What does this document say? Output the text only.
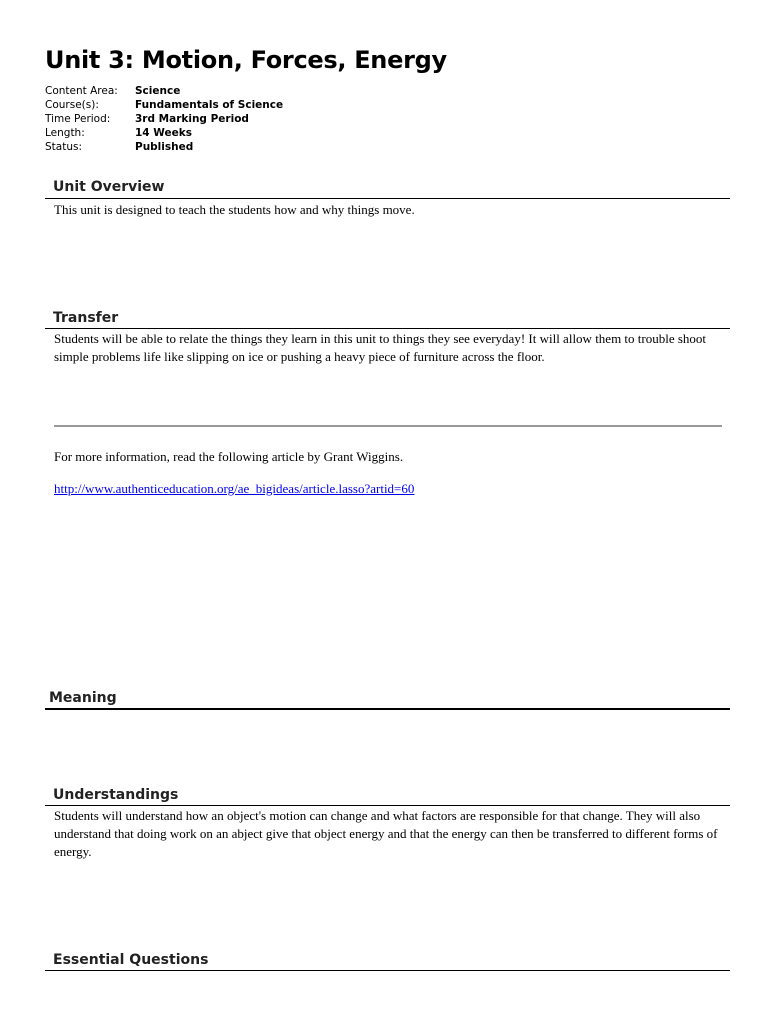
Unit 3: Motion, Forces, Energy
Content Area:	Science
Course(s):	Fundamentals of Science
Time Period:	3rd Marking Period
Length:	14 Weeks
Status:	Published
Unit Overview

This unit is designed to teach the students how and why things move.

Transfer

Students will be able to relate the things they learn in this unit to things they see everyday! It will allow them to trouble shoot simple problems life like slipping on ice or pushing a heavy piece of furniture across the floor.

For more information, read the following article by Grant Wiggins.

http://www.authenticeducation.org/ae_bigideas/article.lasso?artid=60
Meaning
Understandings

Students will understand how an object's motion can change and what factors are responsible for that change. They will also understand that doing work on an abject give that object energy and that the energy can then be transferred to different forms of energy.

Essential Questions
